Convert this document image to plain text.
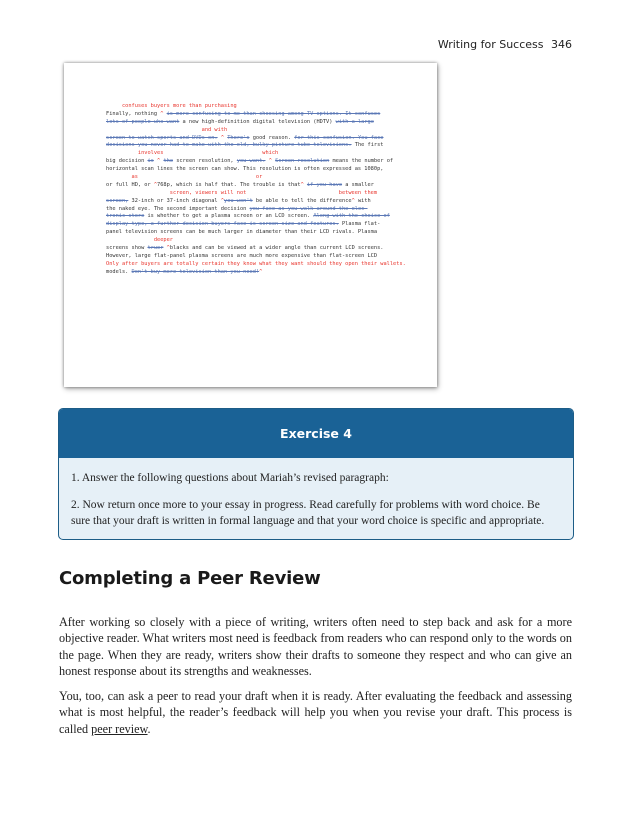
Writing for Success 346
confuses buyers more than purchasing
Finally, nothing ^ is more confusing to me than choosing among TV options. It confuses
lots of people who want a new high-definition digital television (HDTV) with a large
and with
screen to watch sports and DVDs on. ^ There's good reason. for this confusion. You face
decisions you never had to make with the old, bulky picture-tube televisions. The first
involves                               which
big decision is ^ the screen resolution, you want. ^ Screen resolution means the number of
horizontal scan lines the screen can show. This resolution is often expressed as 1080p,
as                                     or
or full HD, or ^768p, which is half that. The trouble is that^ if you have a smaller
screen, viewers will not                             between them
screen, 32-inch or 37-inch diagonal ^you won't be able to tell the difference^ with
the naked eye. The second important decision you face as you walk around the elec-
tronic store is whether to get a plasma screen or an LCD screen. Along with the choice of
display type, a further decision buyers face is screen size and features. Plasma flat-
panel television screens can be much larger in diameter than their LCD rivals. Plasma
deeper
screens show truer ^blacks and can be viewed at a wider angle than current LCD screens.
However, large flat-panel plasma screens are much more expensive than flat-screen LCD
Only after buyers are totally certain they know what they want should they open their wallets.
models. Don't buy more television than you need!^
Exercise 4

1. Answer the following questions about Mariah’s revised paragraph:

2. Now return once more to your essay in progress. Read carefully for problems with word choice. Be sure that your draft is written in formal language and that your word choice is specific and appropriate.

Completing a Peer Review

After working so closely with a piece of writing, writers often need to step back and ask for a more objective reader. What writers most need is feedback from readers who can respond only to the words on the page. When they are ready, writers show their drafts to someone they respect and who can give an honest response about its strengths and weaknesses.

You, too, can ask a peer to read your draft when it is ready. After evaluating the feedback and assessing what is most helpful, the reader’s feedback will help you when you revise your draft. This process is called peer review.
